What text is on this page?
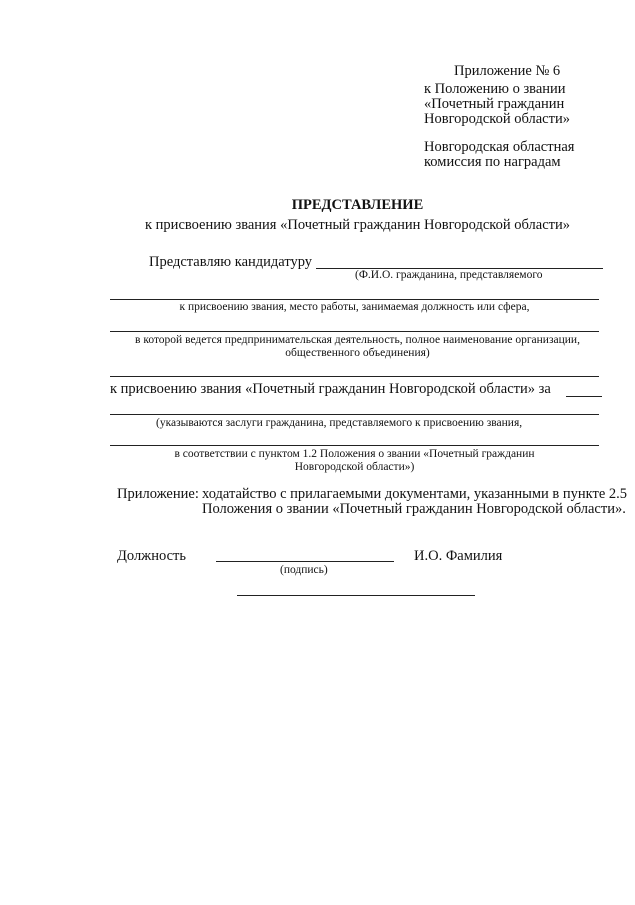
Приложение № 6
к Положению о звании
«Почетный гражданин
Новгородской области»
Новгородская областная
комиссия по наградам
ПРЕДСТАВЛЕНИЕ
к присвоению звания «Почетный гражданин Новгородской области»
Представляю кандидатуру
(Ф.И.О. гражданина, представляемого
к присвоению звания, место работы, занимаемая должность или сфера,
в которой ведется предпринимательская деятельность, полное наименование организации,
общественного объединения)
к присвоению звания «Почетный гражданин Новгородской области» за
(указываются заслуги гражданина, представляемого к присвоению звания,
в соответствии с пунктом 1.2 Положения о звании «Почетный гражданин
Новгородской области»)
Приложение: ходатайство с прилагаемыми документами, указанными в пункте 2.5
Положения о звании «Почетный гражданин Новгородской области».
Должность
(подпись)
И.О. Фамилия
